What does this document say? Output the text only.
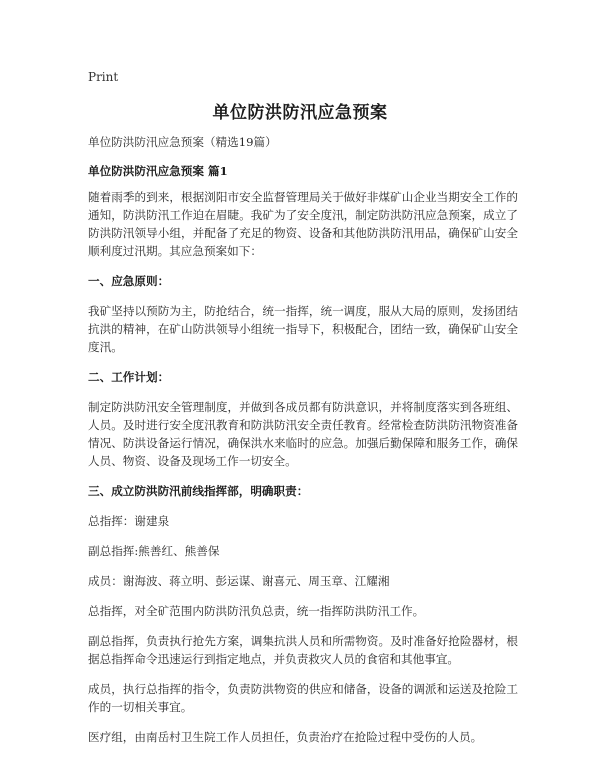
Print
单位防洪防汛应急预案

单位防洪防汛应急预案（精选19篇）

单位防洪防汛应急预案 篇1

随着雨季的到来，根据浏阳市安全监督管理局关于做好非煤矿山企业当期安全工作的通知，防洪防汛工作迫在眉睫。我矿为了安全度汛，制定防洪防汛应急预案，成立了防洪防汛领导小组，并配备了充足的物资、设备和其他防洪防汛用品，确保矿山安全顺利度过汛期。其应急预案如下：

一、应急原则：

我矿坚持以预防为主，防抢结合，统一指挥，统一调度，服从大局的原则，发扬团结抗洪的精神，在矿山防洪领导小组统一指导下，积极配合，团结一致，确保矿山安全度汛。

二、工作计划：

制定防洪防汛安全管理制度，并做到各成员都有防洪意识，并将制度落实到各班组、人员。及时进行安全度汛教育和防洪防汛安全责任教育。经常检查防洪防汛物资准备情况、防洪设备运行情况，确保洪水来临时的应急。加强后勤保障和服务工作，确保人员、物资、设备及现场工作一切安全。

三、成立防洪防汛前线指挥部，明确职责：

总指挥：谢建泉

副总指挥:熊善红、熊善保

成员：谢海波、蒋立明、彭运谋、谢喜元、周玉章、江耀湘

总指挥，对全矿范围内防洪防汛负总责，统一指挥防洪防汛工作。

副总指挥，负责执行抢先方案，调集抗洪人员和所需物资。及时准备好抢险器材，根据总指挥命令迅速运行到指定地点，并负责救灾人员的食宿和其他事宜。

成员，执行总指挥的指令，负责防洪物资的供应和储备，设备的调派和运送及抢险工作的一切相关事宜。

医疗组，由南岳村卫生院工作人员担任，负责治疗在抢险过程中受伤的人员。
